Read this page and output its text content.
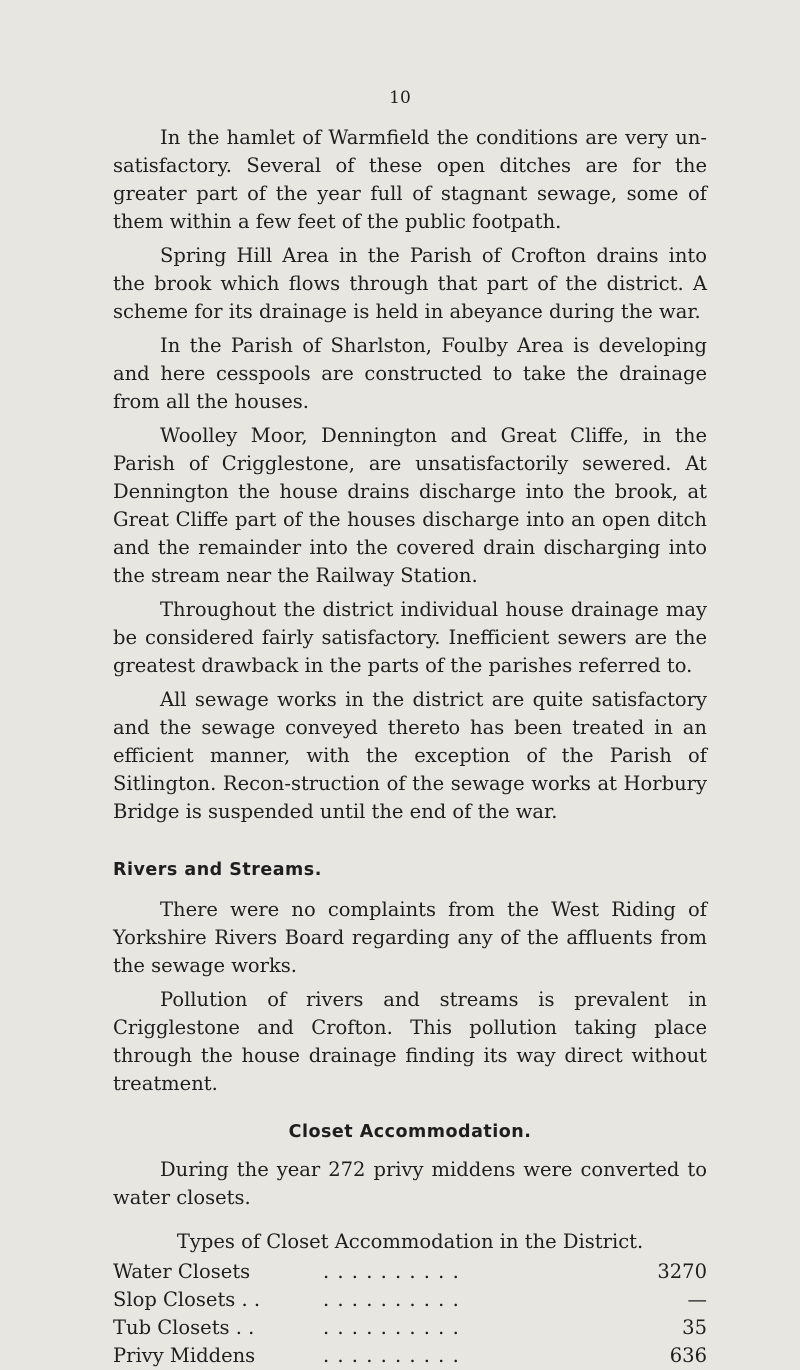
10

In the hamlet of Warmfield the conditions are very un-satisfactory. Several of these open ditches are for the greater part of the year full of stagnant sewage, some of them within a few feet of the public footpath.

Spring Hill Area in the Parish of Crofton drains into the brook which flows through that part of the district. A scheme for its drainage is held in abeyance during the war.

In the Parish of Sharlston, Foulby Area is developing and here cesspools are constructed to take the drainage from all the houses.

Woolley Moor, Dennington and Great Cliffe, in the Parish of Crigglestone, are unsatisfactorily sewered. At Dennington the house drains discharge into the brook, at Great Cliffe part of the houses discharge into an open ditch and the remainder into the covered drain discharging into the stream near the Railway Station.

Throughout the district individual house drainage may be considered fairly satisfactory. Inefficient sewers are the greatest drawback in the parts of the parishes referred to.

All sewage works in the district are quite satisfactory and the sewage conveyed thereto has been treated in an efficient manner, with the exception of the Parish of Sitlington. Recon-struction of the sewage works at Horbury Bridge is suspended until the end of the war.

Rivers and Streams.

There were no complaints from the West Riding of Yorkshire Rivers Board regarding any of the affluents from the sewage works.

Pollution of rivers and streams is prevalent in Crigglestone and Crofton. This pollution taking place through the house drainage finding its way direct without treatment.

Closet Accommodation.

During the year 272 privy middens were converted to water closets.

Types of Closet Accommodation in the District.

Water Closets	. . . . . . . . . .	3270
Slop Closets . .	. . . . . . . . . .	—
Tub Closets . .	. . . . . . . . . .	35
Privy Middens	. . . . . . . . . .	636
